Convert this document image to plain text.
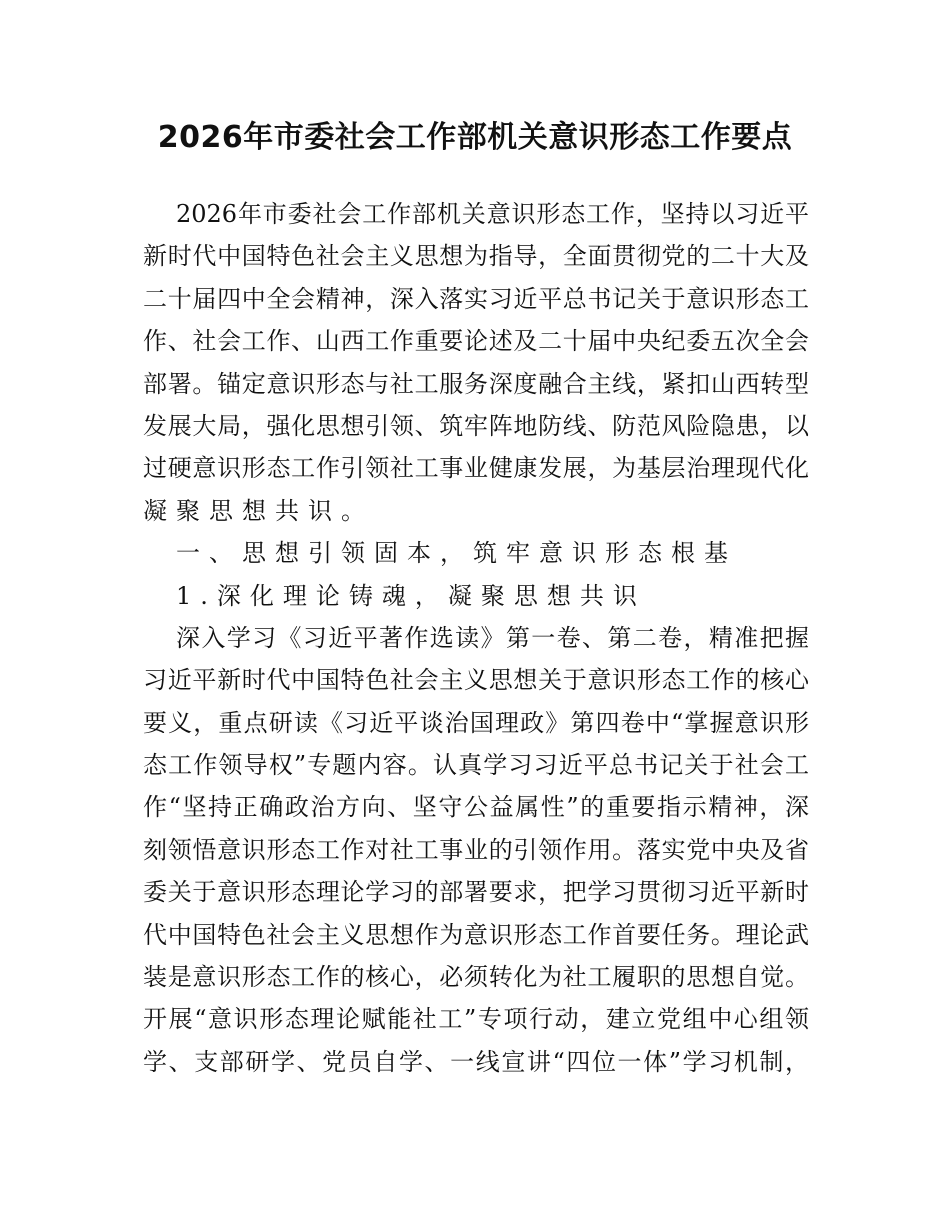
2026年市委社会工作部机关意识形态工作要点
2026年市委社会工作部机关意识形态工作，坚持以习近平
新时代中国特色社会主义思想为指导，全面贯彻党的二十大及
二十届四中全会精神，深入落实习近平总书记关于意识形态工
作、社会工作、山西工作重要论述及二十届中央纪委五次全会
部署。锚定意识形态与社工服务深度融合主线，紧扣山西转型
发展大局，强化思想引领、筑牢阵地防线、防范风险隐患，以
过硬意识形态工作引领社工事业健康发展，为基层治理现代化
凝聚思想共识。
一、思想引领固本，筑牢意识形态根基
1.深化理论铸魂，凝聚思想共识
深入学习《习近平著作选读》第一卷、第二卷，精准把握
习近平新时代中国特色社会主义思想关于意识形态工作的核心
要义，重点研读《习近平谈治国理政》第四卷中“掌握意识形
态工作领导权”专题内容。认真学习习近平总书记关于社会工
作“坚持正确政治方向、坚守公益属性”的重要指示精神，深
刻领悟意识形态工作对社工事业的引领作用。落实党中央及省
委关于意识形态理论学习的部署要求，把学习贯彻习近平新时
代中国特色社会主义思想作为意识形态工作首要任务。理论武
装是意识形态工作的核心，必须转化为社工履职的思想自觉。
开展“意识形态理论赋能社工”专项行动，建立党组中心组领
学、支部研学、党员自学、一线宣讲“四位一体”学习机制，
